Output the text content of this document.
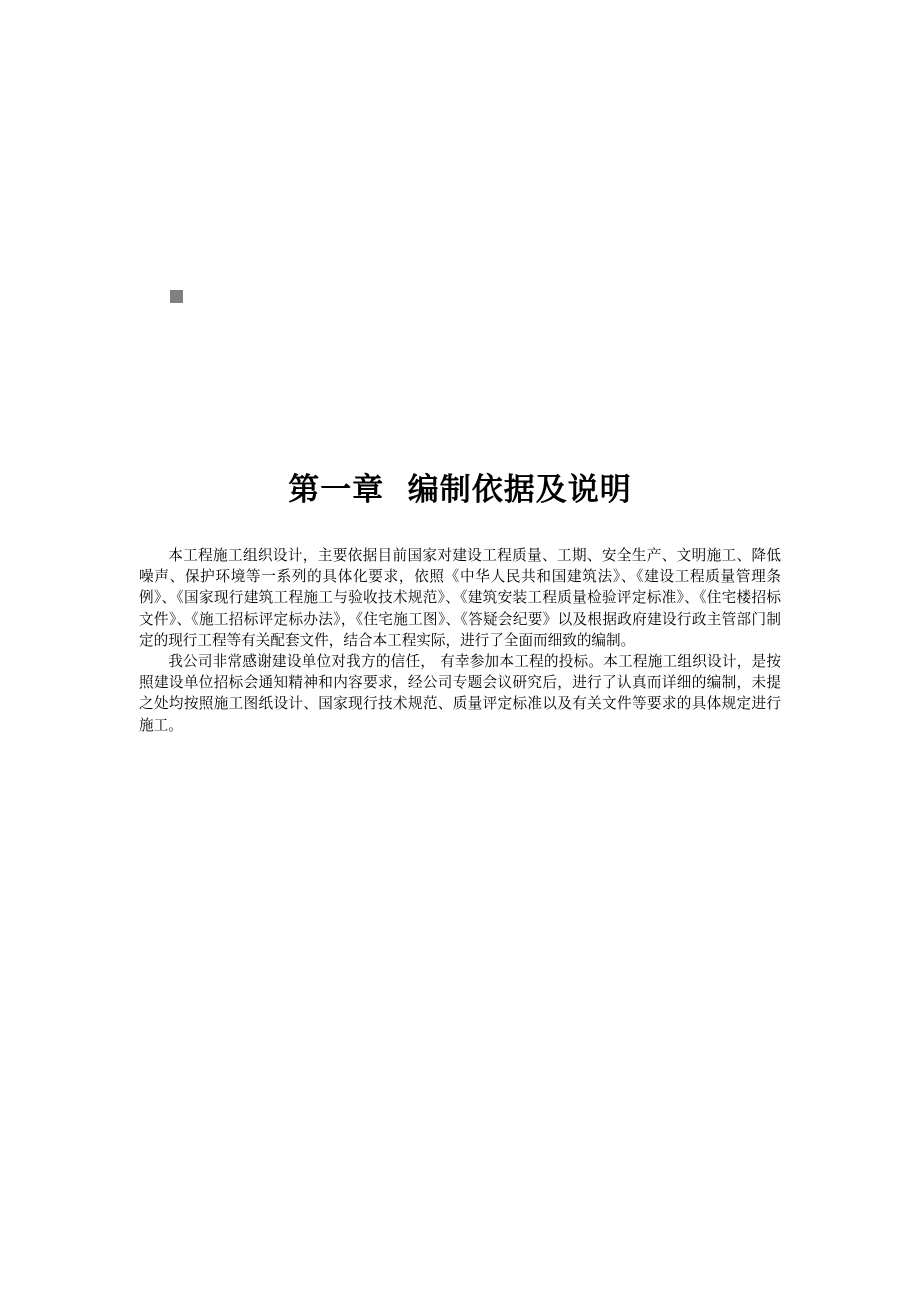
第一章  编制依据及说明

本工程施工组织设计，主要依据目前国家对建设工程质量、工期、安全生产、文明施工、降低噪声、保护环境等一系列的具体化要求，依照《中华人民共和国建筑法》、《建设工程质量管理条例》、《国家现行建筑工程施工与验收技术规范》、《建筑安装工程质量检验评定标准》、《住宅楼招标文件》、《施工招标评定标办法》，《住宅施工图》、《答疑会纪要》以及根据政府建设行政主管部门制定的现行工程等有关配套文件，结合本工程实际，进行了全面而细致的编制。

我公司非常感谢建设单位对我方的信任， 有幸参加本工程的投标。本工程施工组织设计，是按照建设单位招标会通知精神和内容要求，经公司专题会议研究后，进行了认真而详细的编制，未提之处均按照施工图纸设计、国家现行技术规范、质量评定标准以及有关文件等要求的具体规定进行施工。
